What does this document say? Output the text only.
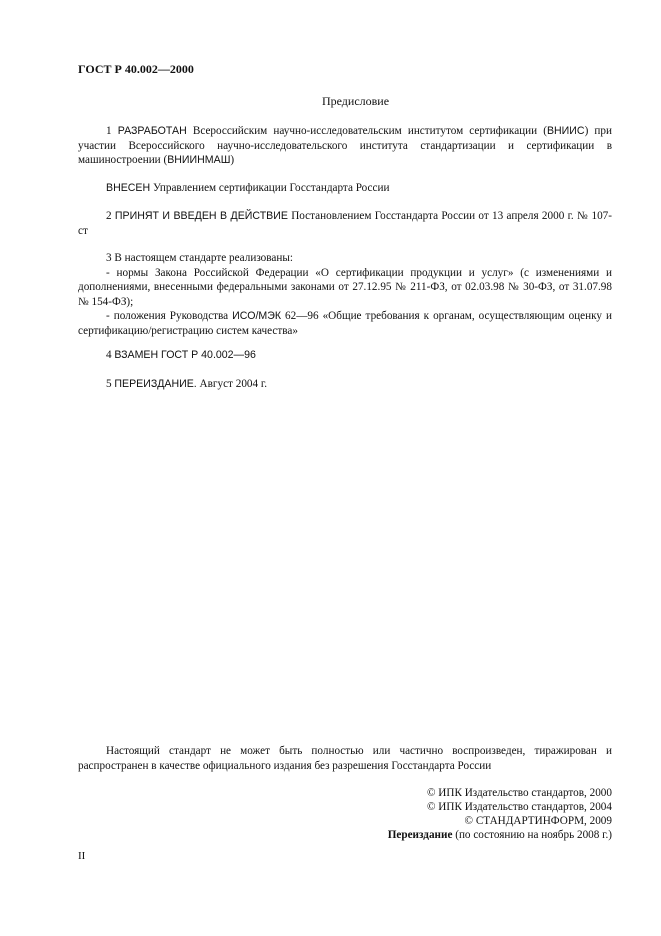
ГОСТ Р 40.002—2000
Предисловие

1 РАЗРАБОТАН Всероссийским научно-исследовательским институтом сертификации (ВНИИС) при участии Всероссийского научно-исследовательского института стандартизации и сертификации в машиностроении (ВНИИНМАШ)

ВНЕСЕН Управлением сертификации Госстандарта России

2 ПРИНЯТ И ВВЕДЕН В ДЕЙСТВИЕ Постановлением Госстандарта России от 13 апреля 2000 г. № 107-ст

3 В настоящем стандарте реализованы:

- нормы Закона Российской Федерации «О сертификации продукции и услуг» (с изменениями и дополнениями, внесенными федеральными законами от 27.12.95 № 211-ФЗ, от 02.03.98 № 30-ФЗ, от 31.07.98 № 154-ФЗ);

- положения Руководства ИСО/МЭК 62—96 «Общие требования к органам, осуществляющим оценку и сертификацию/регистрацию систем качества»

4 ВЗАМЕН ГОСТ Р 40.002—96

5 ПЕРЕИЗДАНИЕ. Август 2004 г.

Настоящий стандарт не может быть полностью или частично воспроизведен, тиражирован и распространен в качестве официального издания без разрешения Госстандарта России

© ИПК Издательство стандартов, 2000
© ИПК Издательство стандартов, 2004
© СТАНДАРТИНФОРМ, 2009
Переиздание (по состоянию на ноябрь 2008 г.)
II
